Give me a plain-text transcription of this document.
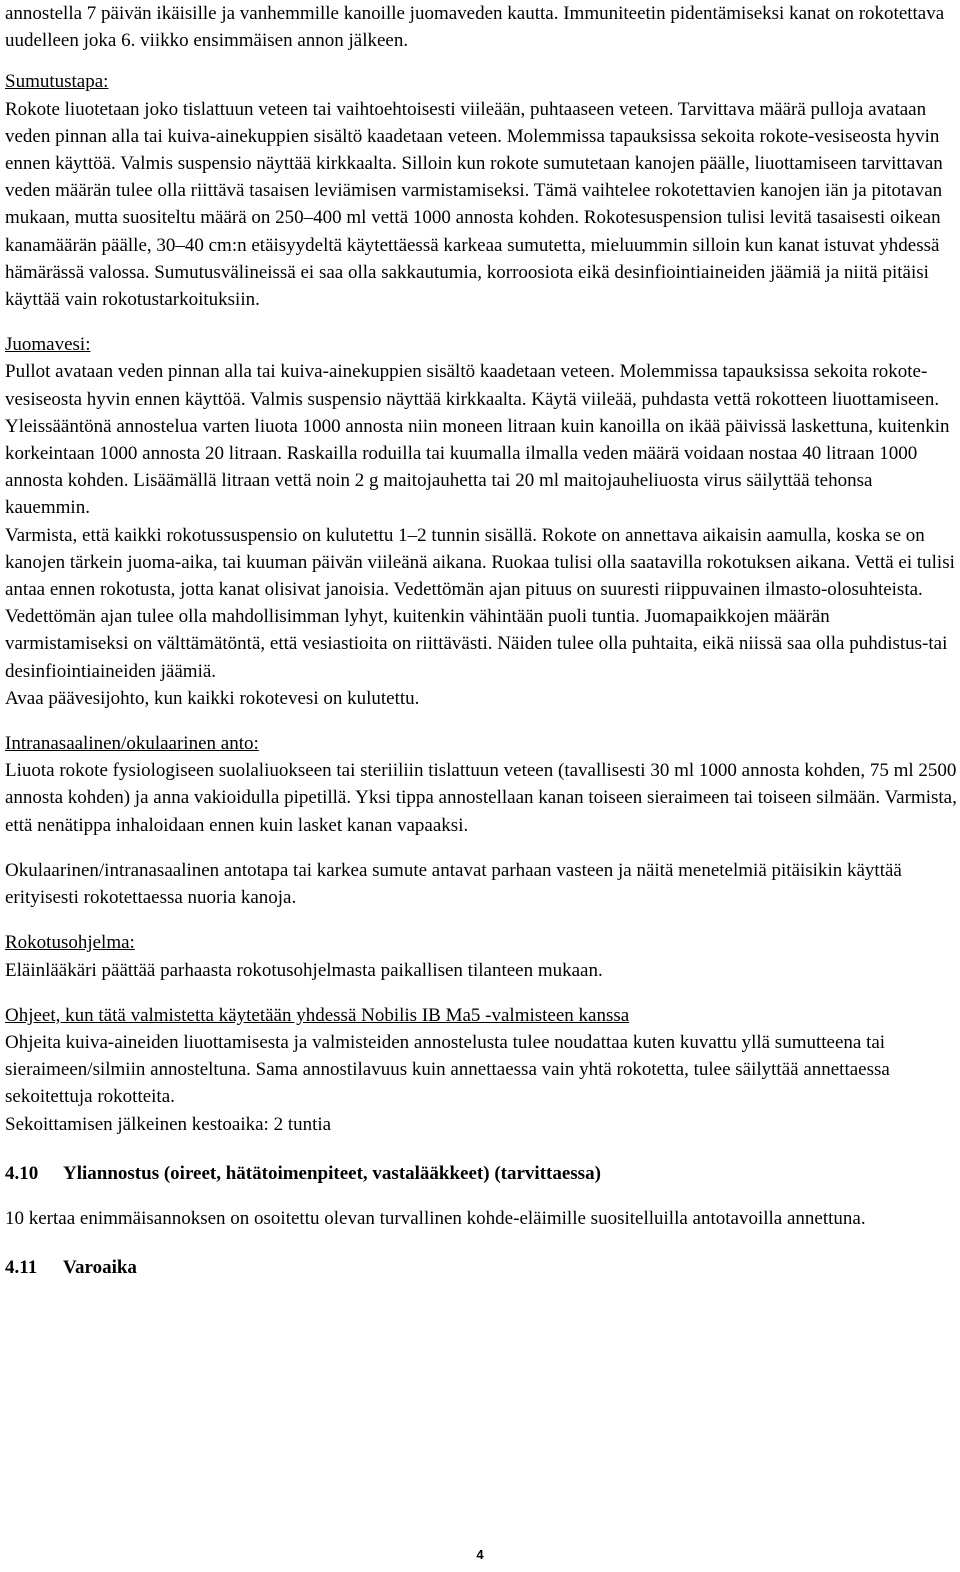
annostella 7 päivän ikäisille ja vanhemmille kanoille juomaveden kautta. Immuniteetin pidentämiseksi kanat on rokotettava uudelleen joka 6. viikko ensimmäisen annon jälkeen.

Sumutustapa:

Rokote liuotetaan joko tislattuun veteen tai vaihtoehtoisesti viileään, puhtaaseen veteen. Tarvittava määrä pulloja avataan veden pinnan alla tai kuiva-ainekuppien sisältö kaadetaan veteen. Molemmissa tapauksissa sekoita rokote-vesiseosta hyvin ennen käyttöä. Valmis suspensio näyttää kirkkaalta. Silloin kun rokote sumutetaan kanojen päälle, liuottamiseen tarvittavan veden määrän tulee olla riittävä tasaisen leviämisen varmistamiseksi. Tämä vaihtelee rokotettavien kanojen iän ja pitotavan mukaan, mutta suositeltu määrä on 250–400 ml vettä 1000 annosta kohden. Rokotesuspension tulisi levitä tasaisesti oikean kanamäärän päälle, 30–40 cm:n etäisyydeltä käytettäessä karkeaa sumutetta, mieluummin silloin kun kanat istuvat yhdessä hämärässä valossa. Sumutusvälineissä ei saa olla sakkautumia, korroosiota eikä desinfiointiaineiden jäämiä ja niitä pitäisi käyttää vain rokotustarkoituksiin.

Juomavesi:

Pullot avataan veden pinnan alla tai kuiva-ainekuppien sisältö kaadetaan veteen. Molemmissa tapauksissa sekoita rokote-vesiseosta hyvin ennen käyttöä. Valmis suspensio näyttää kirkkaalta. Käytä viileää, puhdasta vettä rokotteen liuottamiseen. Yleissääntönä annostelua varten liuota 1000 annosta niin moneen litraan kuin kanoilla on ikää päivissä laskettuna, kuitenkin korkeintaan 1000 annosta 20 litraan. Raskailla roduilla tai kuumalla ilmalla veden määrä voidaan nostaa 40 litraan 1000 annosta kohden. Lisäämällä litraan vettä noin 2 g maitojauhetta tai 20 ml maitojauheliuosta virus säilyttää tehonsa kauemmin.

Varmista, että kaikki rokotussuspensio on kulutettu 1–2 tunnin sisällä. Rokote on annettava aikaisin aamulla, koska se on kanojen tärkein juoma-aika, tai kuuman päivän viileänä aikana. Ruokaa tulisi olla saatavilla rokotuksen aikana. Vettä ei tulisi antaa ennen rokotusta, jotta kanat olisivat janoisia. Vedettömän ajan pituus on suuresti riippuvainen ilmasto-olosuhteista. Vedettömän ajan tulee olla mahdollisimman lyhyt, kuitenkin vähintään puoli tuntia. Juomapaikkojen määrän varmistamiseksi on välttämätöntä, että vesiastioita on riittävästi. Näiden tulee olla puhtaita, eikä niissä saa olla puhdistus-tai desinfiointiaineiden jäämiä.

Avaa päävesijohto, kun kaikki rokotevesi on kulutettu.

Intranasaalinen/okulaarinen anto:

Liuota rokote fysiologiseen suolaliuokseen tai steriiliin tislattuun veteen (tavallisesti 30 ml 1000 annosta kohden, 75 ml 2500 annosta kohden) ja anna vakioidulla pipetillä. Yksi tippa annostellaan kanan toiseen sieraimeen tai toiseen silmään. Varmista, että nenätippa inhaloidaan ennen kuin lasket kanan vapaaksi.

Okulaarinen/intranasaalinen antotapa tai karkea sumute antavat parhaan vasteen ja näitä menetelmiä pitäisikin käyttää erityisesti rokotettaessa nuoria kanoja.

Rokotusohjelma:

Eläinlääkäri päättää parhaasta rokotusohjelmasta paikallisen tilanteen mukaan.

Ohjeet, kun tätä valmistetta käytetään yhdessä Nobilis IB Ma5 -valmisteen kanssa

Ohjeita kuiva-aineiden liuottamisesta ja valmisteiden annostelusta tulee noudattaa kuten kuvattu yllä sumutteena tai sieraimeen/silmiin annosteltuna. Sama annostilavuus kuin annettaessa vain yhtä rokotetta, tulee säilyttää annettaessa sekoitettuja rokotteita.

Sekoittamisen jälkeinen kestoaika: 2 tuntia

4.10	Yliannostus (oireet, hätätoimenpiteet, vastalääkkeet) (tarvittaessa)

10 kertaa enimmäisannoksen on osoitettu olevan turvallinen kohde-eläimille suositelluilla antotavoilla annettuna.

4.11	Varoaika
4
